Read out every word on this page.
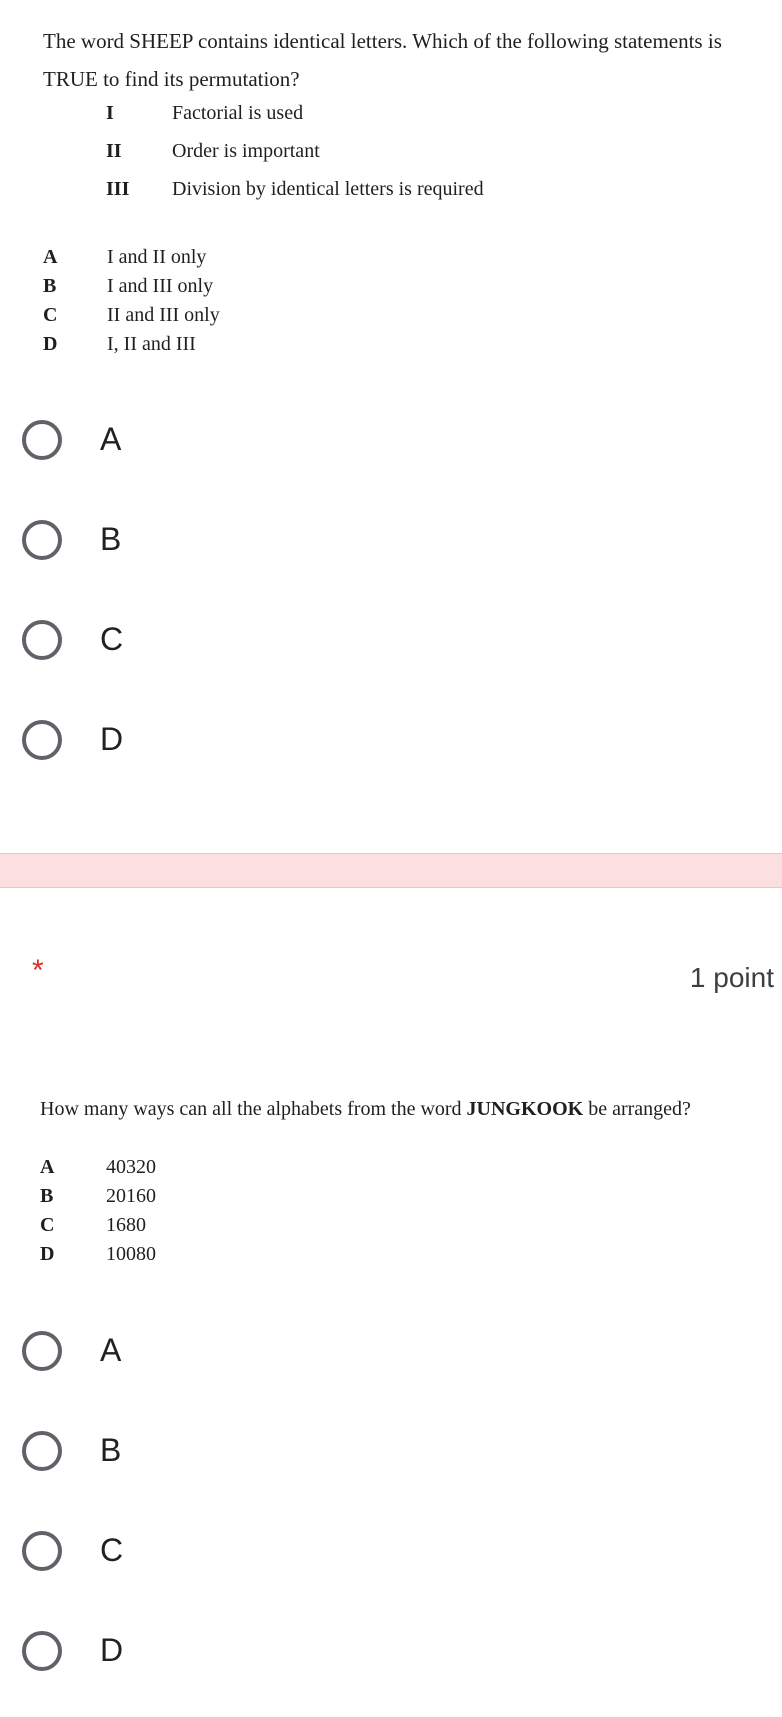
The word SHEEP contains identical letters. Which of the following statements is TRUE to find its permutation?
I	Factorial is used
II	Order is important
III Division by identical letters is required
A I and II only
B	I and III only
C II and III only
D I, II and III
A
B
C
D
*	1 point
How many ways can all the alphabets from the word JUNGKOOK be arranged?
A	40320
B	20160
C	1680
D	10080
A
B
C
D
